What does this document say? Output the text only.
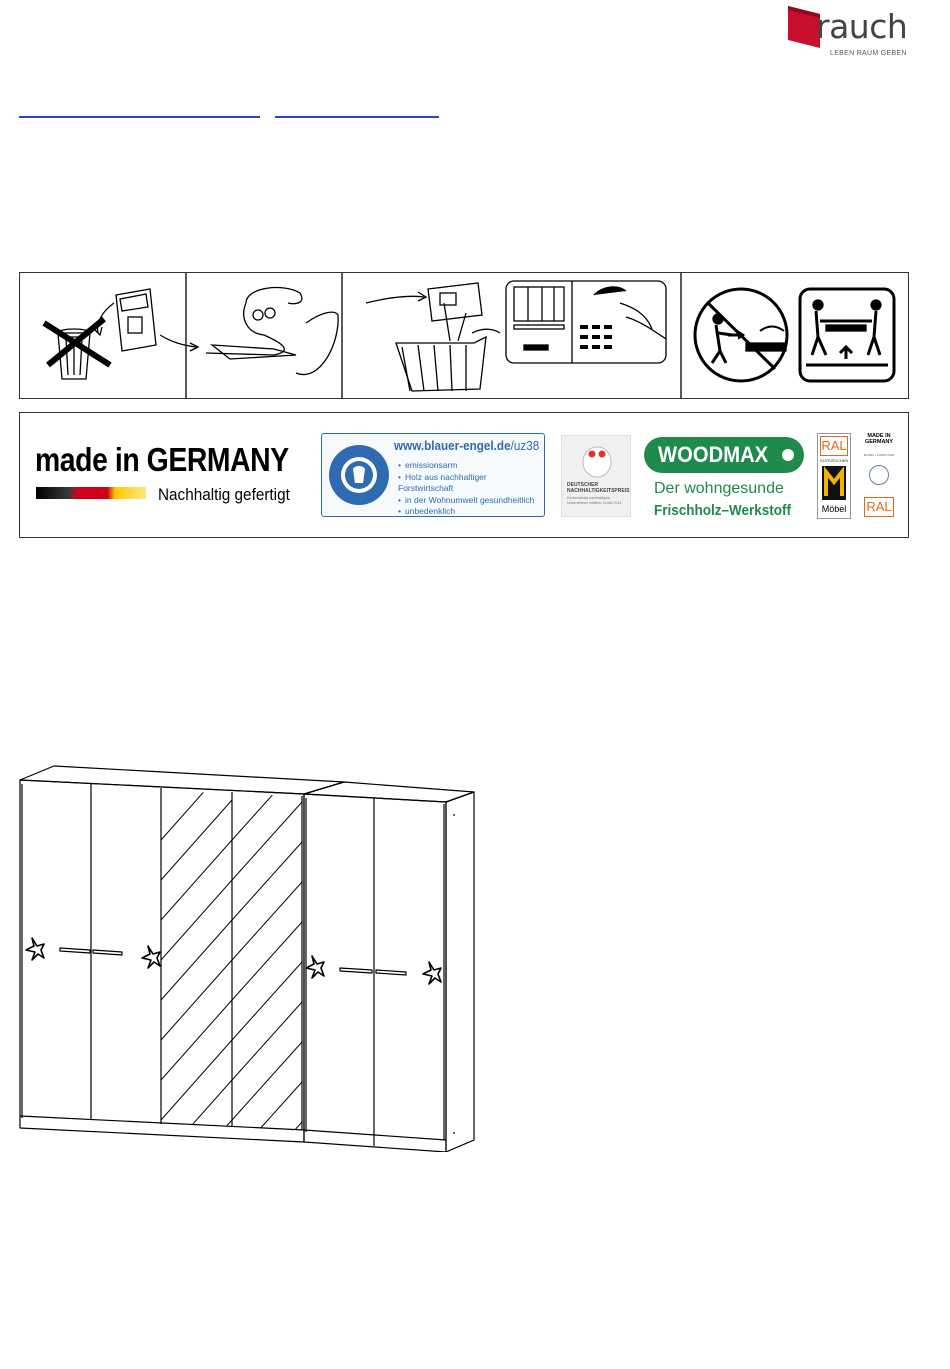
rauch
LEBEN RAUM GEBEN
made in GERMANY
Nachhaltig gefertigt
www.blauer-engel.de/uz38
• emissionsarm
• Holz aus nachhaltiger Forstwirtschaft
• in der Wohnumwelt gesundheitlich
• unbedenklich
DEUTSCHER NACHHALTIGKEITSPREIS
Deutschlands nachhaltigste Unternehmen mittlerer Größe 2014
WOODMAX
Der wohngesunde
Frischholz–Werkstoff
RAL
GÜTEZEICHEN
Möbel
MADE IN GERMANY
MÖBEL • FURNITURE
RAL
